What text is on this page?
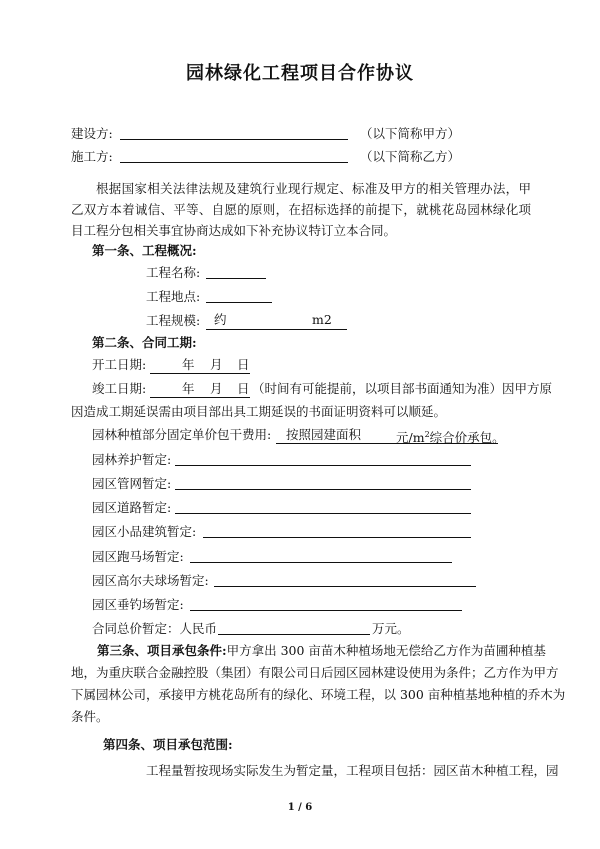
园林绿化工程项目合作协议
建设方:	（以下简称甲方）
施工方:	（以下简称乙方）
根据国家相关法律法规及建筑行业现行规定、标准及甲方的相关管理办法，甲乙双方本着诚信、平等、自愿的原则，在招标选择的前提下，就桃花岛园林绿化项目工程分包相关事宜协商达成如下补充协议特订立本合同。
第一条、工程概况:
工程名称:
工程地点:
工程规模: 约	m2
第二条、合同工期:
开工日期:	年 月 日
竣工日期:	年 月 日 （时间有可能提前，以项目部书面通知为准）因甲方原
因造成工期延误需由项目部出具工期延误的书面证明资料可以顺延。
园林种植部分固定单价包干费用: 按照园建面积	元$/m^2$综合价承包。
园林养护暂定:
园区管网暂定:
园区道路暂定:
园区小品建筑暂定:
园区跑马场暂定:
园区高尔夫球场暂定:
园区垂钓场暂定:
合同总价暂定：人民币	万元。
第三条、项目承包条件:甲方拿出 300 亩苗木种植场地无偿给乙方作为苗圃种植基
地，为重庆联合金融控股（集团）有限公司日后园区园林建设使用为条件；乙方作为甲方
下属园林公司，承接甲方桃花岛所有的绿化、环境工程，以 300 亩种植基地种植的乔木为
条件。
第四条、项目承包范围:
工程量暂按现场实际发生为暂定量，工程项目包括：园区苗木种植工程，园
1 / 6
